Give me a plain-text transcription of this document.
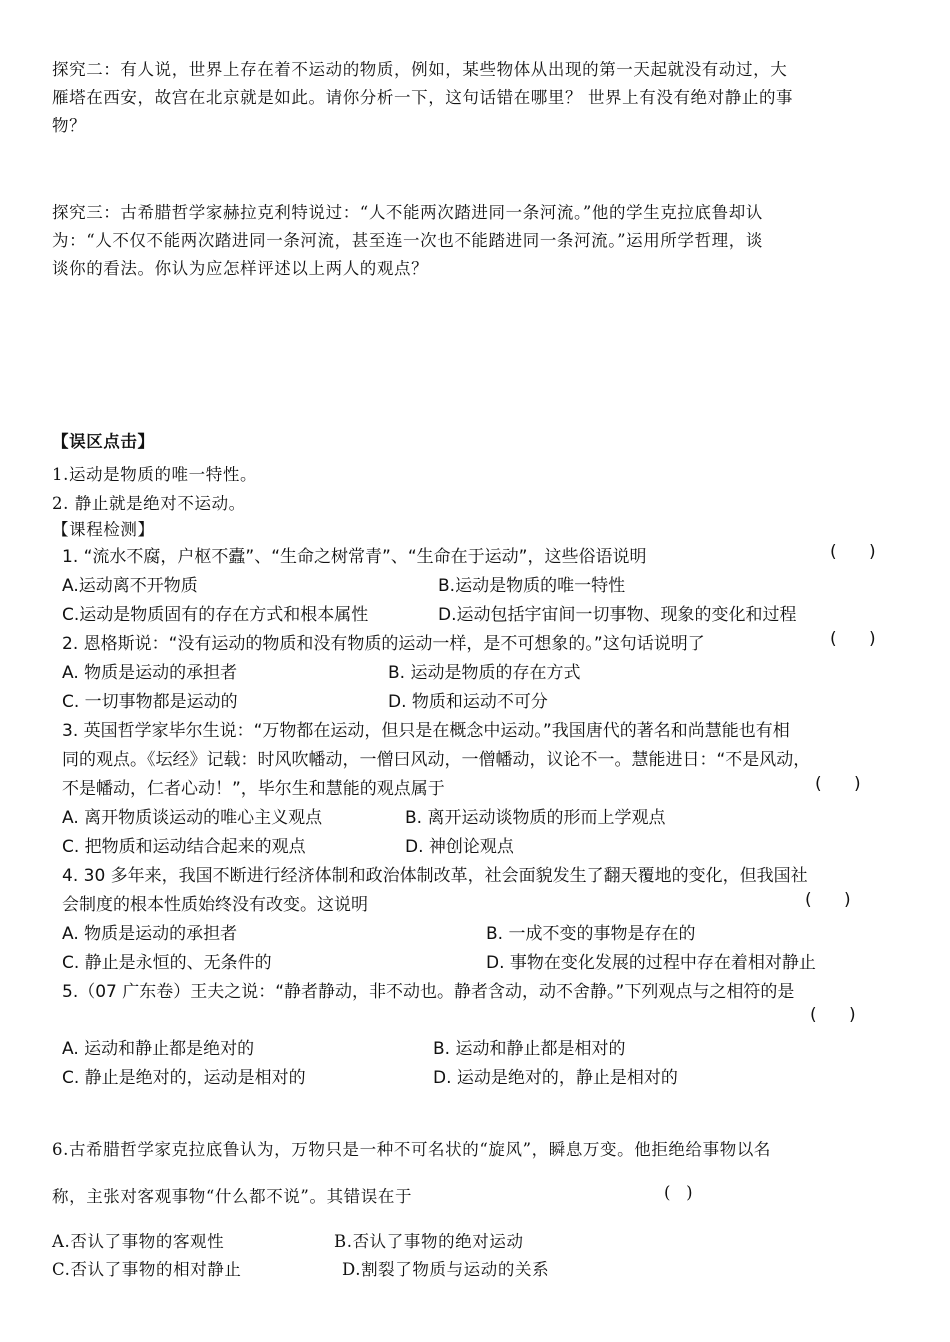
探究二：有人说，世界上存在着不运动的物质，例如，某些物体从出现的第一天起就没有动过，大
雁塔在西安，故宫在北京就是如此。请你分析一下，这句话错在哪里？ 世界上有没有绝对静止的事
物？
探究三：古希腊哲学家赫拉克利特说过：“人不能两次踏进同一条河流。”他的学生克拉底鲁却认
为：“人不仅不能两次踏进同一条河流，甚至连一次也不能踏进同一条河流。”运用所学哲理，谈
谈你的看法。你认为应怎样评述以上两人的观点？
【误区点击】
1.运动是物质的唯一特性。
2. 静止就是绝对不运动。
【课程检测】
1. “流水不腐，户枢不蠹”、“生命之树常青”、“生命在于运动”，这些俗语说明	(      )
A.运动离不开物质	B.运动是物质的唯一特性
C.运动是物质固有的存在方式和根本属性	D.运动包括宇宙间一切事物、现象的变化和过程
2. 恩格斯说：“没有运动的物质和没有物质的运动一样，是不可想象的。”这句话说明了	(      )
A. 物质是运动的承担者	B. 运动是物质的存在方式
C. 一切事物都是运动的	D. 物质和运动不可分
3. 英国哲学家毕尔生说：“万物都在运动，但只是在概念中运动。”我国唐代的著名和尚慧能也有相
同的观点。《坛经》记载：时风吹幡动，一僧曰风动，一僧幡动，议论不一。慧能进日：“不是风动，
不是幡动，仁者心动！”，毕尔生和慧能的观点属于	(      )
A. 离开物质谈运动的唯心主义观点	B. 离开运动谈物质的形而上学观点
C. 把物质和运动结合起来的观点	D. 神创论观点
4. 30 多年来，我国不断进行经济体制和政治体制改革，社会面貌发生了翻天覆地的变化，但我国社
会制度的根本性质始终没有改变。这说明	(      )
A. 物质是运动的承担者	B. 一成不变的事物是存在的
C. 静止是永恒的、无条件的	D. 事物在变化发展的过程中存在着相对静止
5.（07 广东卷）王夫之说：“静者静动，非不动也。静者含动，动不舍静。”下列观点与之相符的是
(      )
A. 运动和静止都是绝对的	B. 运动和静止都是相对的
C. 静止是绝对的，运动是相对的	D. 运动是绝对的，静止是相对的
6.古希腊哲学家克拉底鲁认为，万物只是一种不可名状的“旋风”，瞬息万变。他拒绝给事物以名
称，主张对客观事物“什么都不说”。其错误在于	(   )
A.否认了事物的客观性	B.否认了事物的绝对运动
C.否认了事物的相对静止	D.割裂了物质与运动的关系
